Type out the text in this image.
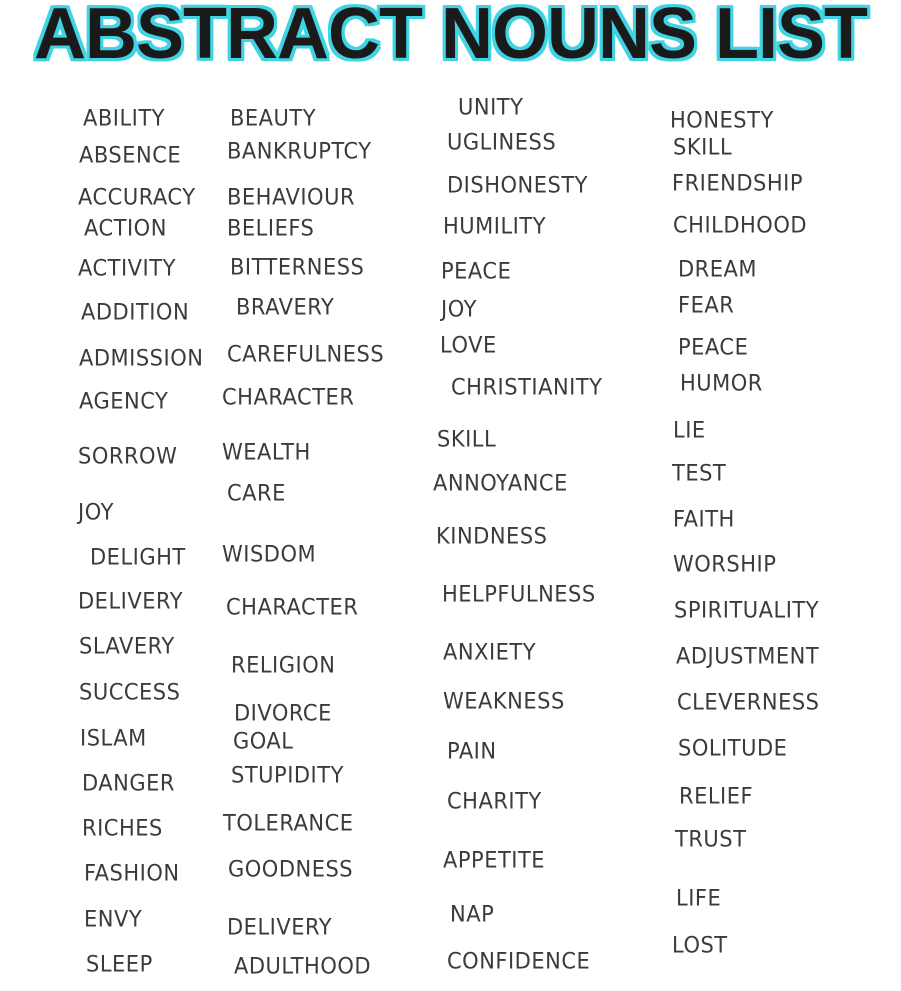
ABSTRACT NOUNS LIST
ABILITY
ABSENCE
ACCURACY
ACTION
ACTIVITY
ADDITION
ADMISSION
AGENCY
SORROW
JOY
DELIGHT
DELIVERY
SLAVERY
SUCCESS
ISLAM
DANGER
RICHES
FASHION
ENVY
SLEEP
BEAUTY
BANKRUPTCY
BEHAVIOUR
BELIEFS
BITTERNESS
BRAVERY
CAREFULNESS
CHARACTER
WEALTH
CARE
WISDOM
CHARACTER
RELIGION
DIVORCE
GOAL
STUPIDITY
TOLERANCE
GOODNESS
DELIVERY
ADULTHOOD
UNITY
UGLINESS
DISHONESTY
HUMILITY
PEACE
JOY
LOVE
CHRISTIANITY
SKILL
ANNOYANCE
KINDNESS
HELPFULNESS
ANXIETY
WEAKNESS
PAIN
CHARITY
APPETITE
NAP
CONFIDENCE
HONESTY
SKILL
FRIENDSHIP
CHILDHOOD
DREAM
FEAR
PEACE
HUMOR
LIE
TEST
FAITH
WORSHIP
SPIRITUALITY
ADJUSTMENT
CLEVERNESS
SOLITUDE
RELIEF
TRUST
LIFE
LOST
